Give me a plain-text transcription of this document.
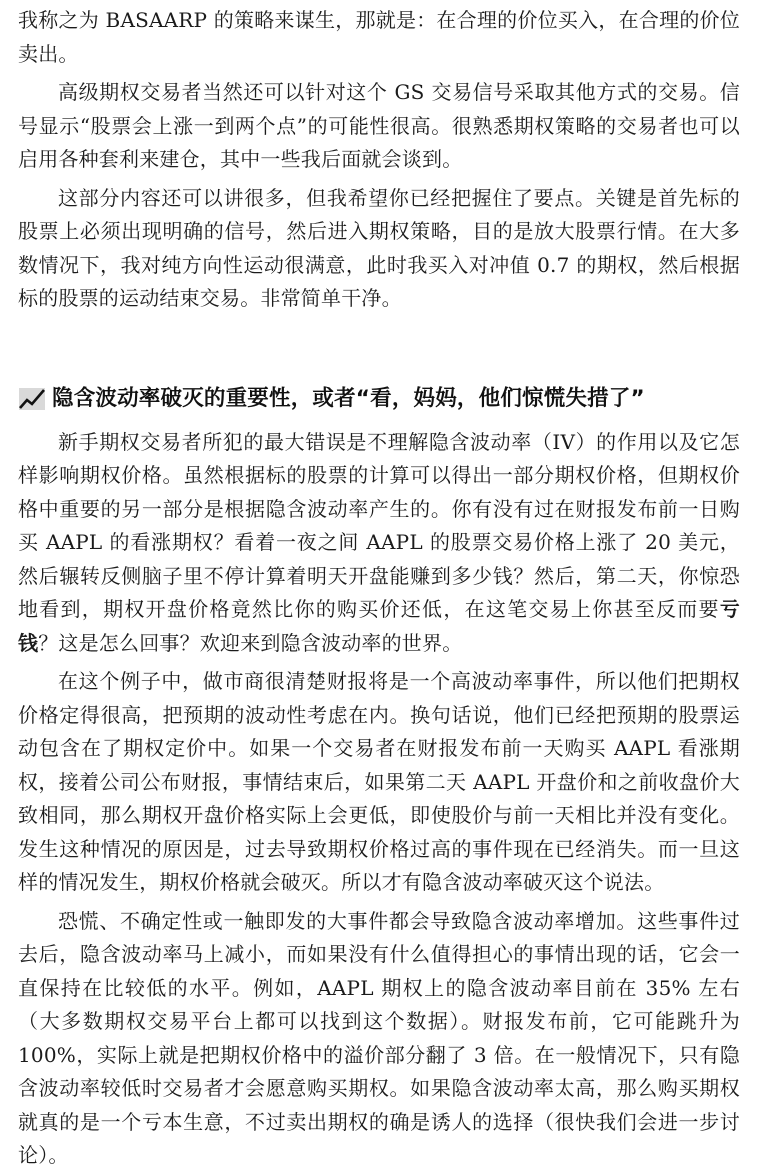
我称之为 BASAARP 的策略来谋生，那就是：在合理的价位买入，在合理的价位卖出。

高级期权交易者当然还可以针对这个 GS 交易信号采取其他方式的交易。信号显示“股票会上涨一到两个点”的可能性很高。很熟悉期权策略的交易者也可以启用各种套利来建仓，其中一些我后面就会谈到。

这部分内容还可以讲很多，但我希望你已经把握住了要点。关键是首先标的股票上必须出现明确的信号，然后进入期权策略，目的是放大股票行情。在大多数情况下，我对纯方向性运动很满意，此时我买入对冲值 0.7 的期权，然后根据标的股票的运动结束交易。非常简单干净。

隐含波动率破灭的重要性，或者“看，妈妈，他们惊慌失措了”

新手期权交易者所犯的最大错误是不理解隐含波动率（IV）的作用以及它怎样影响期权价格。虽然根据标的股票的计算可以得出一部分期权价格，但期权价格中重要的另一部分是根据隐含波动率产生的。你有没有过在财报发布前一日购买 AAPL 的看涨期权？看着一夜之间 AAPL 的股票交易价格上涨了 20 美元，然后辗转反侧脑子里不停计算着明天开盘能赚到多少钱？然后，第二天，你惊恐地看到，期权开盘价格竟然比你的购买价还低，在这笔交易上你甚至反而要亏钱？这是怎么回事？欢迎来到隐含波动率的世界。

在这个例子中，做市商很清楚财报将是一个高波动率事件，所以他们把期权价格定得很高，把预期的波动性考虑在内。换句话说，他们已经把预期的股票运动包含在了期权定价中。如果一个交易者在财报发布前一天购买 AAPL 看涨期权，接着公司公布财报，事情结束后，如果第二天 AAPL 开盘价和之前收盘价大致相同，那么期权开盘价格实际上会更低，即使股价与前一天相比并没有变化。发生这种情况的原因是，过去导致期权价格过高的事件现在已经消失。而一旦这样的情况发生，期权价格就会破灭。所以才有隐含波动率破灭这个说法。

恐慌、不确定性或一触即发的大事件都会导致隐含波动率增加。这些事件过去后，隐含波动率马上减小，而如果没有什么值得担心的事情出现的话，它会一直保持在比较低的水平。例如，AAPL 期权上的隐含波动率目前在 35% 左右（大多数期权交易平台上都可以找到这个数据）。财报发布前，它可能跳升为 100%，实际上就是把期权价格中的溢价部分翻了 3 倍。在一般情况下，只有隐含波动率较低时交易者才会愿意购买期权。如果隐含波动率太高，那么购买期权就真的是一个亏本生意，不过卖出期权的确是诱人的选择（很快我们会进一步讨论）。
